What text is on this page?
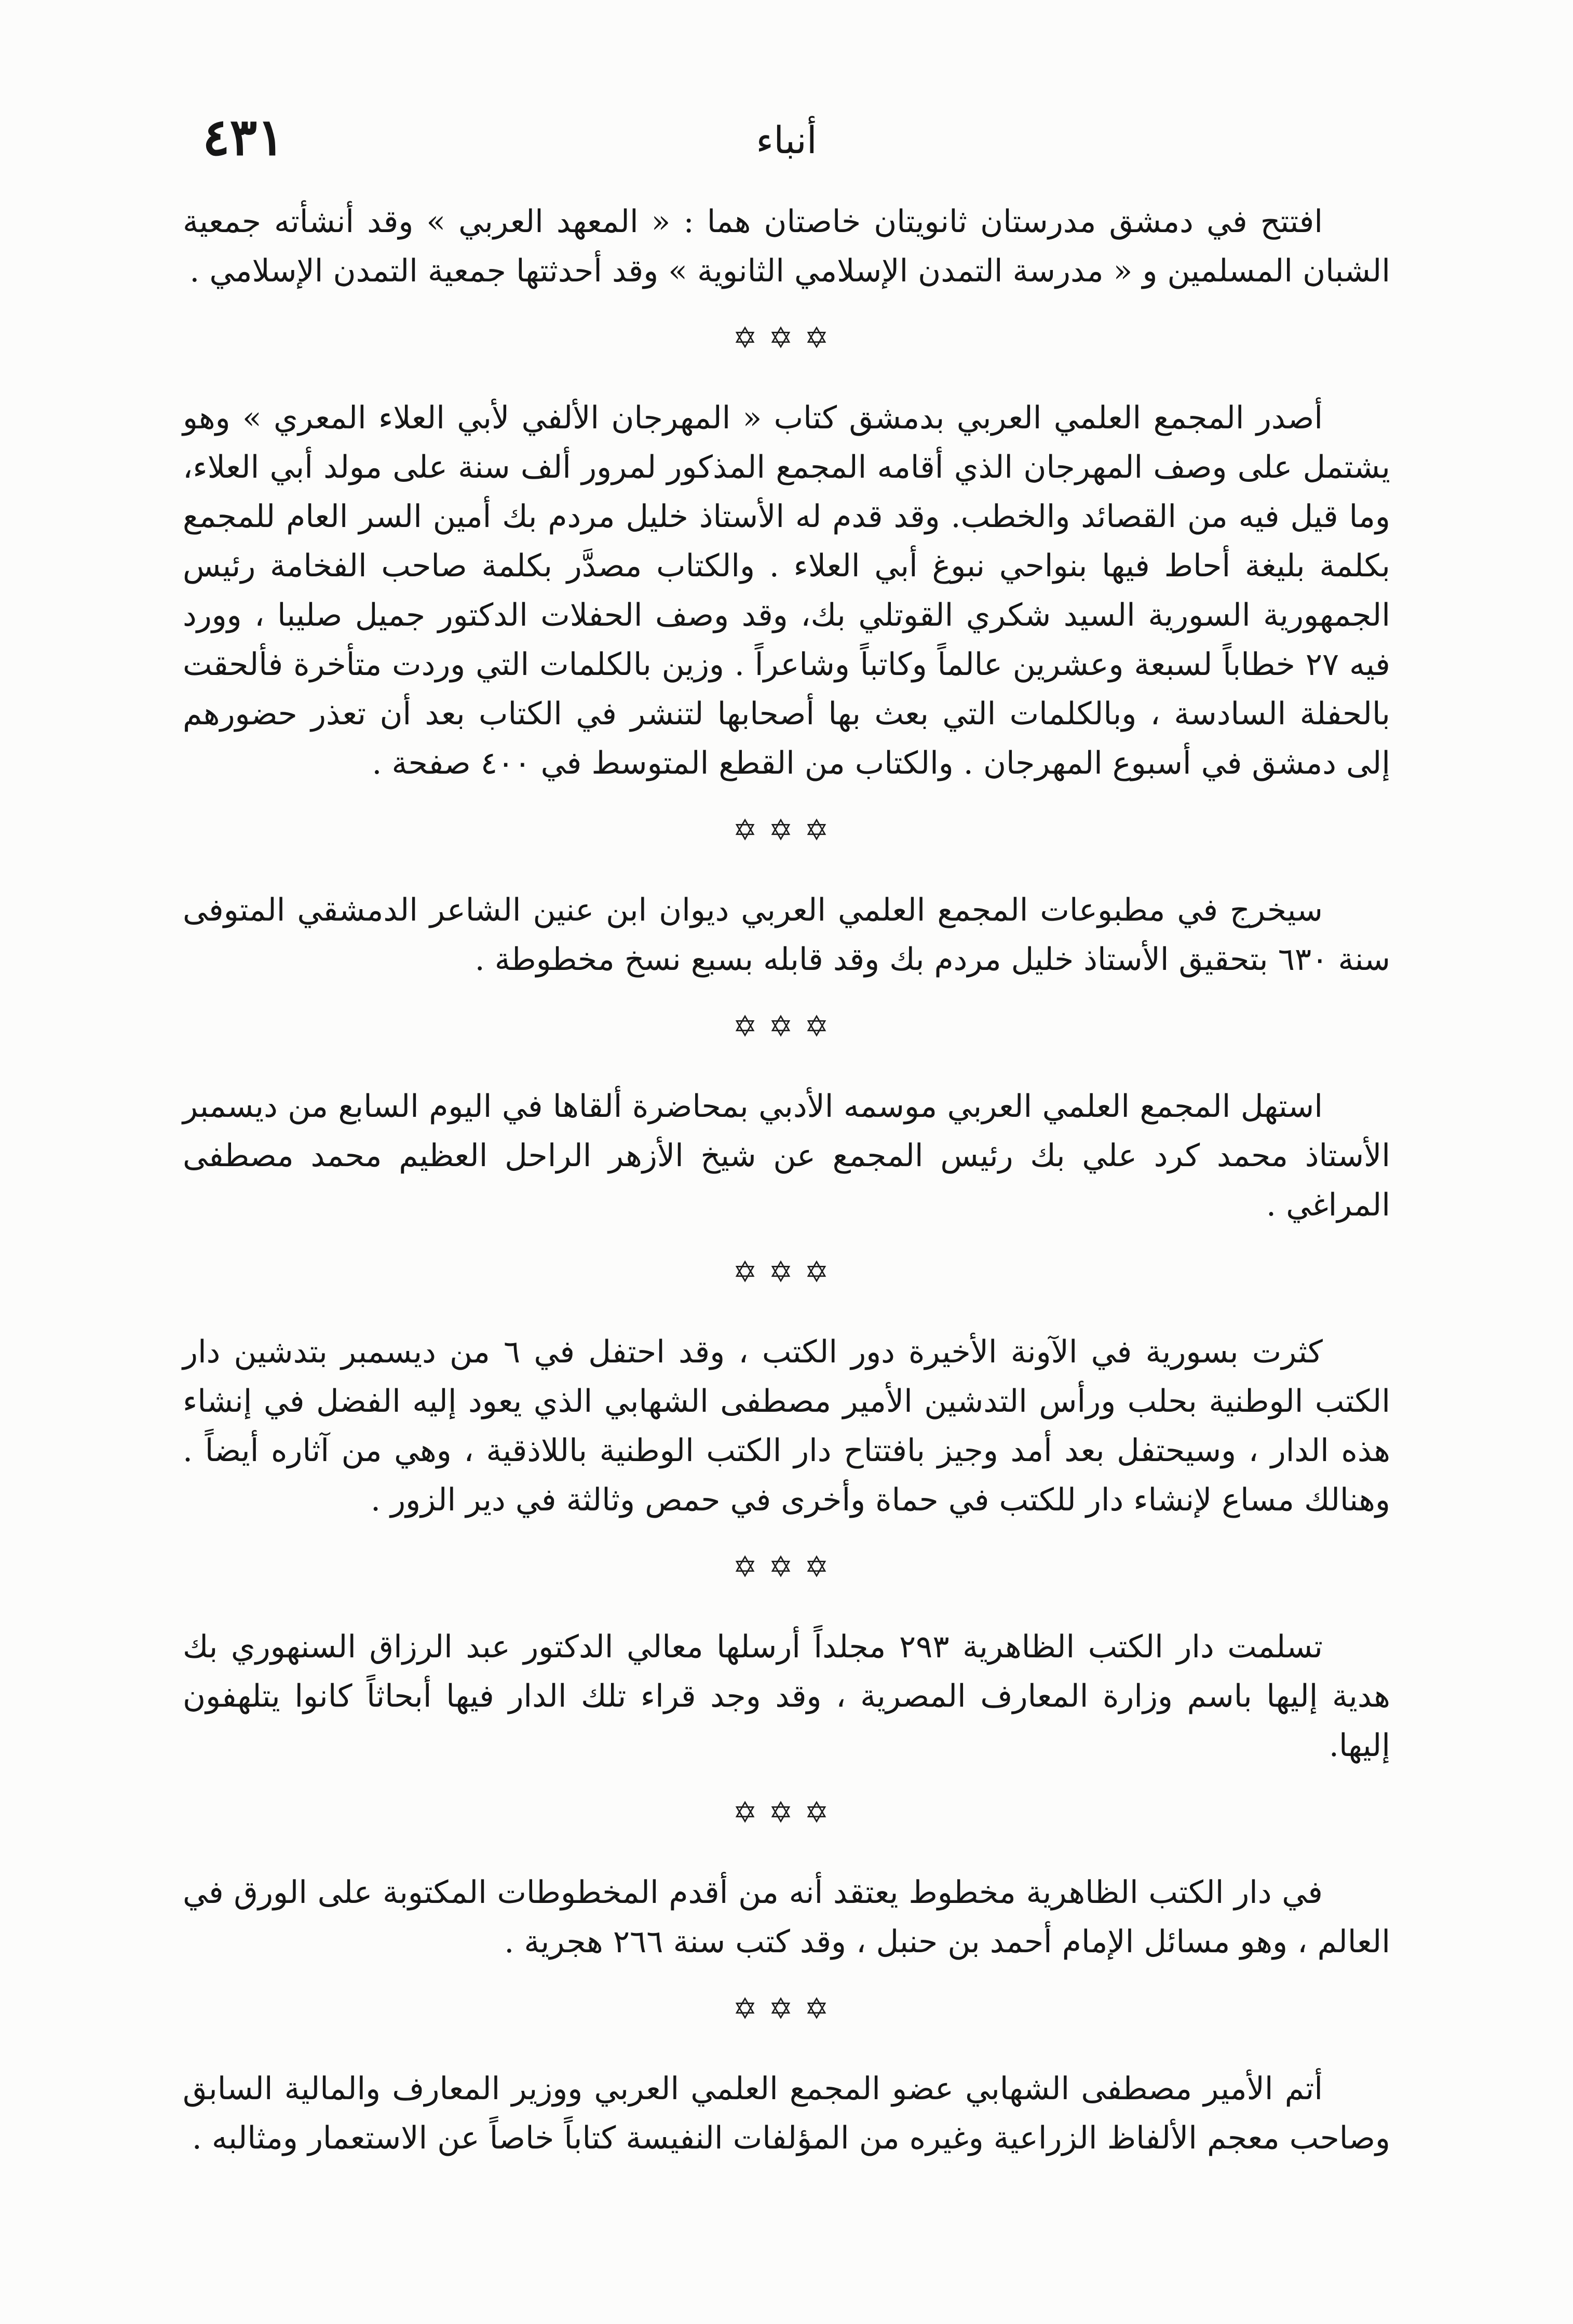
٤٣١	أنباء

افتتح في دمشق مدرستان ثانويتان خاصتان هما : « المعهد العربي » وقد أنشأته جمعية الشبان المسلمين و « مدرسة التمدن الإسلامي الثانوية » وقد أحدثتها جمعية التمدن الإسلامي .

✡✡✡

أصدر المجمع العلمي العربي بدمشق كتاب « المهرجان الألفي لأبي العلاء المعري » وهو يشتمل على وصف المهرجان الذي أقامه المجمع المذكور لمرور ألف سنة على مولد أبي العلاء، وما قيل فيه من القصائد والخطب. وقد قدم له الأستاذ خليل مردم بك أمين السر العام للمجمع بكلمة بليغة أحاط فيها بنواحي نبوغ أبي العلاء . والكتاب مصدَّر بكلمة صاحب الفخامة رئيس الجمهورية السورية السيد شكري القوتلي بك، وقد وصف الحفلات الدكتور جميل صليبا ، وورد فيه ٢٧ خطاباً لسبعة وعشرين عالماً وكاتباً وشاعراً . وزين بالكلمات التي وردت متأخرة فألحقت بالحفلة السادسة ، وبالكلمات التي بعث بها أصحابها لتنشر في الكتاب بعد أن تعذر حضورهم إلى دمشق في أسبوع المهرجان . والكتاب من القطع المتوسط في ٤٠٠ صفحة .

✡✡✡

سيخرج في مطبوعات المجمع العلمي العربي ديوان ابن عنين الشاعر الدمشقي المتوفى سنة ٦٣٠ بتحقيق الأستاذ خليل مردم بك وقد قابله بسبع نسخ مخطوطة .

✡✡✡

استهل المجمع العلمي العربي موسمه الأدبي بمحاضرة ألقاها في اليوم السابع من ديسمبر الأستاذ محمد كرد علي بك رئيس المجمع عن شيخ الأزهر الراحل العظيم محمد مصطفى المراغي .

✡✡✡

كثرت بسورية في الآونة الأخيرة دور الكتب ، وقد احتفل في ٦ من ديسمبر بتدشين دار الكتب الوطنية بحلب ورأس التدشين الأمير مصطفى الشهابي الذي يعود إليه الفضل في إنشاء هذه الدار ، وسيحتفل بعد أمد وجيز بافتتاح دار الكتب الوطنية باللاذقية ، وهي من آثاره أيضاً . وهنالك مساع لإنشاء دار للكتب في حماة وأخرى في حمص وثالثة في دير الزور .

✡✡✡

تسلمت دار الكتب الظاهرية ٢٩٣ مجلداً أرسلها معالي الدكتور عبد الرزاق السنهوري بك هدية إليها باسم وزارة المعارف المصرية ، وقد وجد قراء تلك الدار فيها أبحاثاً كانوا يتلهفون إليها.

✡✡✡

في دار الكتب الظاهرية مخطوط يعتقد أنه من أقدم المخطوطات المكتوبة على الورق في العالم ، وهو مسائل الإمام أحمد بن حنبل ، وقد كتب سنة ٢٦٦ هجرية .

✡✡✡

أتم الأمير مصطفى الشهابي عضو المجمع العلمي العربي ووزير المعارف والمالية السابق وصاحب معجم الألفاظ الزراعية وغيره من المؤلفات النفيسة كتاباً خاصاً عن الاستعمار ومثالبه .
